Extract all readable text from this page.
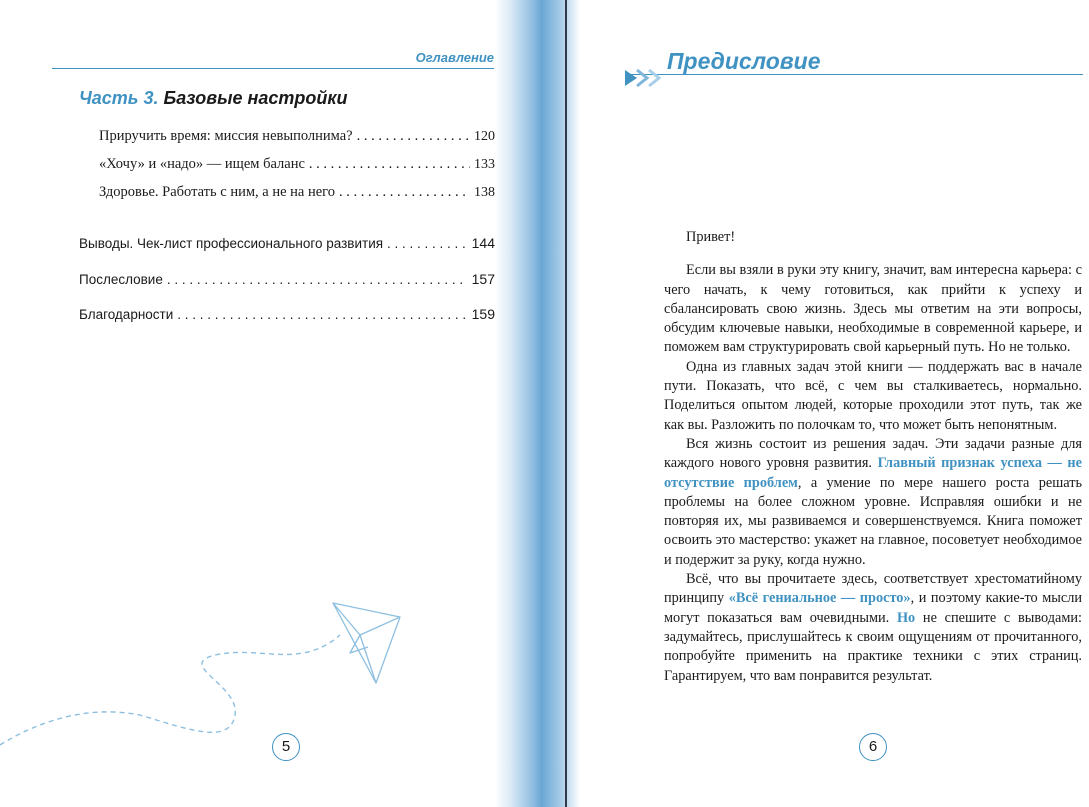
Оглавление
Часть 3. Базовые настройки
Приручить время: миссия невыполнима? . . .	120
«Хочу» и «надо» — ищем баланс . . .	133
Здоровье. Работать с ним, а не на него . . .	138
Выводы. Чек-лист профессионального развития . . .	144
Послесловие . . .	157
Благодарности . . .	159
5
Предисловие

Привет!

Если вы взяли в руки эту книгу, значит, вам интересна карьера: с чего начать, к чему готовиться, как прийти к успеху и сбалансировать свою жизнь. Здесь мы ответим на эти вопросы, обсудим ключевые навыки, необходимые в современной карьере, и поможем вам структурировать свой карьерный путь. Но не только.

Одна из главных задач этой книги — поддержать вас в начале пути. Показать, что всё, с чем вы сталкиваетесь, нормально. Поделиться опытом людей, которые проходили этот путь, так же как вы. Разложить по полочкам то, что может быть непонятным.

Вся жизнь состоит из решения задач. Эти задачи разные для каждого нового уровня развития. Главный признак успеха — не отсутствие проблем, а умение по мере нашего роста решать проблемы на более сложном уровне. Исправляя ошибки и не повторяя их, мы развиваемся и совершенствуемся. Книга поможет освоить это мастерство: укажет на главное, посоветует необходимое и подержит за руку, когда нужно.

Всё, что вы прочитаете здесь, соответствует хрестоматийному принципу «Всё гениальное — просто», и поэтому какие-то мысли могут показаться вам очевидными. Но не спешите с выводами: задумайтесь, прислушайтесь к своим ощущениям от прочитанного, попробуйте применить на практике техники с этих страниц. Гарантируем, что вам понравится результат.

6
